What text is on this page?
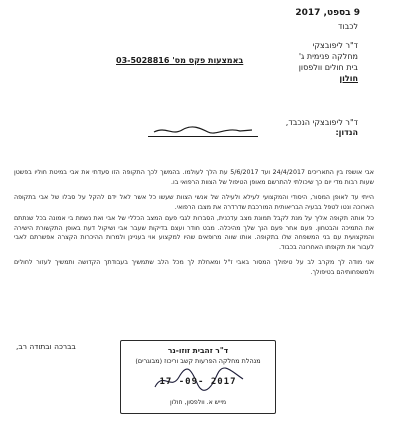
9 בספט, 2017
לכבוד
ד"ר ליפובצקי
מחלקה פנימית ג'
בית חולים וולפסון
חולון
באמצעות פקס מס' 03-5028816
ד"ר ליפובצקי הנכבד,
הנדון:
אבי אושפז בין התאריכים 24/4/2017 ועד 5/6/2017 עת הלך לעולמו. בהמשך לכך התקופה הזו סעדתי את אבי במיטת חוליו בפשטן שעות רבות מדי יום כך שיכולתי להתרשם מאופן הטיפול של הצוות הרפואי בו.
הייתי עד לאופן המסור, היסודי והמקצועי לעילא ולעילה של אנשי הצוות שעשו כל אשר לאל ידם להקל על סבלו של אבי בתקופה הארוכה ונטו לטפל בבעיה הבריאותית המורכבת שדרדרה את מצבו הרפואי.
כל אותה תקופה אליך על מנת לקבל תמונת מצב עדכנית, הסברות לגבי פעם המצב הכללי של אבי ואת נשמת בי אמונה בכל שנתתם את התמיכה והבטחון. פעם אחר פעם הנך שלך מהיכלה. מבט חודר ועצם בדיקות שעבר אבי ושיקול דעת באופן התקשורת הישירה והמקצועית עם בני המשפחה שלו בתקופה. אותו שווה מרופאים שהיו למקצוע אוי בעניינן ולמרות ההיכרות הקצרה אפשרתם לאבי לעבור את תקופתו האחרונה בכבוד.
אני מודה לך מקרב לב על טיפולך המסור באבי ז"ל ומאחלת לך מכל הלב שתמשיך בעבודתך הקדושה ותמשיך לעזור לחולים ולמשפחותיהם בטיפולך.
בברכה ובתודה רב,	ד"ר זהבית זוזו-נר
מנהלת מחלקה הפרעות קשב וריכוז (מבוגרים)
17 -09- 2017
מייש א. וולפסון, חולון
